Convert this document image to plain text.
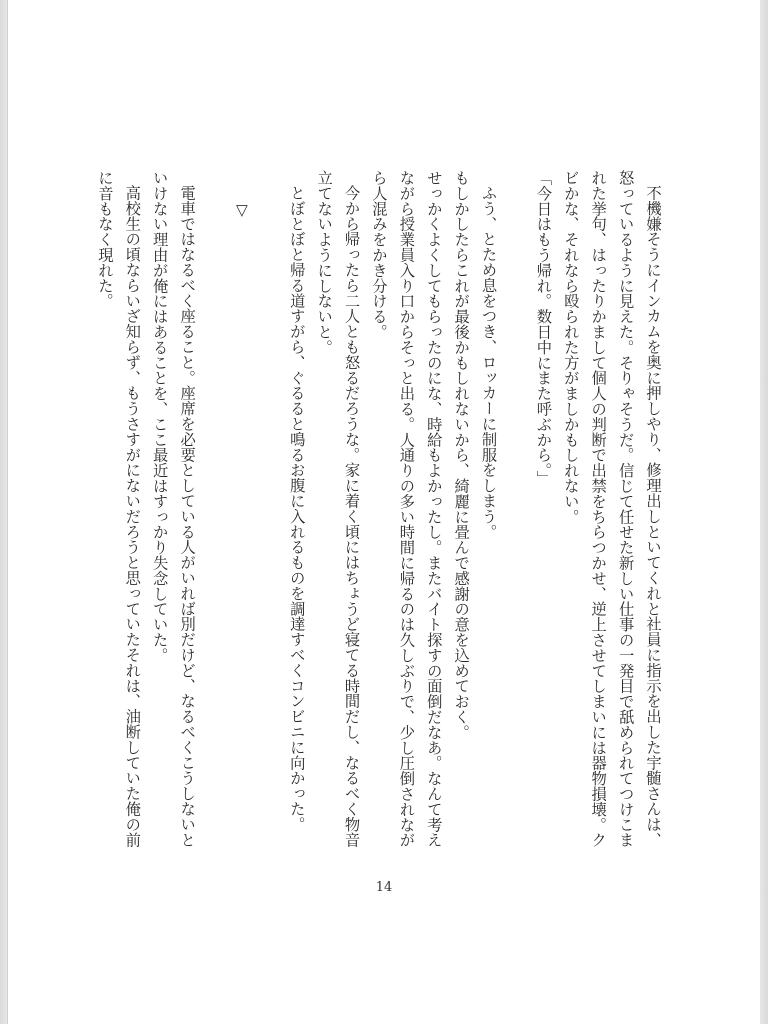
不機嫌そうにインカムを奥に押しやり、修理出しといてくれと社員に指示を出した宇髄さんは、怒っているように見えた。そりゃそうだ。信じて任せた新しい仕事の一発目で舐められてつけこまれた挙句、はったりかまして個人の判断で出禁をちらつかせ、逆上させてしまいには器物損壊。クビかな、それなら殴られた方がましかもしれない。

「今日はもう帰れ。数日中にまた呼ぶから。」

ふう、とため息をつき、ロッカーに制服をしまう。

もしかしたらこれが最後かもしれないから、綺麗に畳んで感謝の意を込めておく。

せっかくよくしてもらったのにな、時給もよかったし。またバイト探すの面倒だなあ。なんて考えながら授業員入り口からそっと出る。人通りの多い時間に帰るのは久しぶりで、少し圧倒されながら人混みをかき分ける。

今から帰ったら二人とも怒るだろうな。家に着く頃にはちょうど寝てる時間だし、なるべく物音立てないようにしないと。

とぼとぼと帰る道すがら、ぐるると鳴るお腹に入れるものを調達すべくコンビニに向かった。

▽

電車ではなるべく座ること。座席を必要としている人がいれば別だけど、なるべくこうしないといけない理由が俺にはあることを、ここ最近はすっかり失念していた。

高校生の頃ならいざ知らず、もうさすがにないだろうと思っていたそれは、油断していた俺の前に音もなく現れた。

14
